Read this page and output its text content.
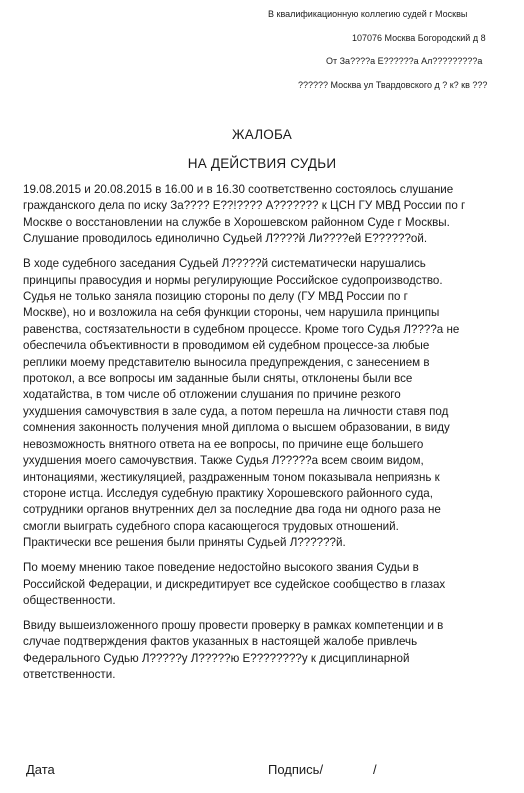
В квалификационную коллегию судей г Москвы
107076 Москва Богородский д 8
От За????а Е??????а Ал?????????а
?????? Москва ул Твардовского д ? к? кв ???
ЖАЛОБА
НА ДЕЙСТВИЯ СУДЬИ
19.08.2015 и 20.08.2015 в 16.00 и в 16.30 соответственно состоялось слушание
гражданского дела по иску За???? Е??!???? А??????? к ЦСН ГУ МВД России по г
Москве о восстановлении на службе в Хорошевском районном Суде г Москвы.
Слушание проводилось единолично Судьей Л????й Ли????ей Е??????ой.
В ходе судебного заседания Судьей Л?????й систематически нарушались
принципы правосудия и нормы регулирующие Российское судопроизводство.
Судья не только заняла позицию стороны по делу (ГУ МВД России по г
Москве), но и возложила на себя функции стороны, чем нарушила принципы
равенства, состязательности в судебном процессе. Кроме того Судья Л????а не
обеспечила объективности в проводимом ей судебном процессе-за любые
реплики моему представителю выносила предупреждения, с занесением в
протокол, а все вопросы им заданные были сняты, отклонены были все
ходатайства, в том числе об отложении слушания по причине резкого
ухудшения самочувствия в зале суда, а потом перешла на личности ставя под
сомнения законность получения мной диплома о высшем образовании, в виду
невозможность внятного ответа на ее вопросы, по причине еще большего
ухудшения моего самочувствия. Также Судья Л?????а всем своим видом,
интонациями, жестикуляцией, раздраженным тоном показывала неприязнь к
стороне истца. Исследуя судебную практику Хорошевского районного суда,
сотрудники органов внутренних дел за последние два года ни одного раза не
смогли выиграть судебного спора касающегося трудовых отношений.
Практически все решения были приняты Судьей Л??????й.
По моему мнению такое поведение недостойно высокого звания Судьи в
Российской Федерации, и дискредитирует все судейское сообщество в глазах
общественности.
Ввиду вышеизложенного прошу провести проверку в рамках компетенции и в
случае подтверждения фактов указанных в настоящей жалобе привлечь
Федерального Судью Л?????у Л?????ю Е????????у к дисциплинарной
ответственности.
Дата	Подпись/	/
